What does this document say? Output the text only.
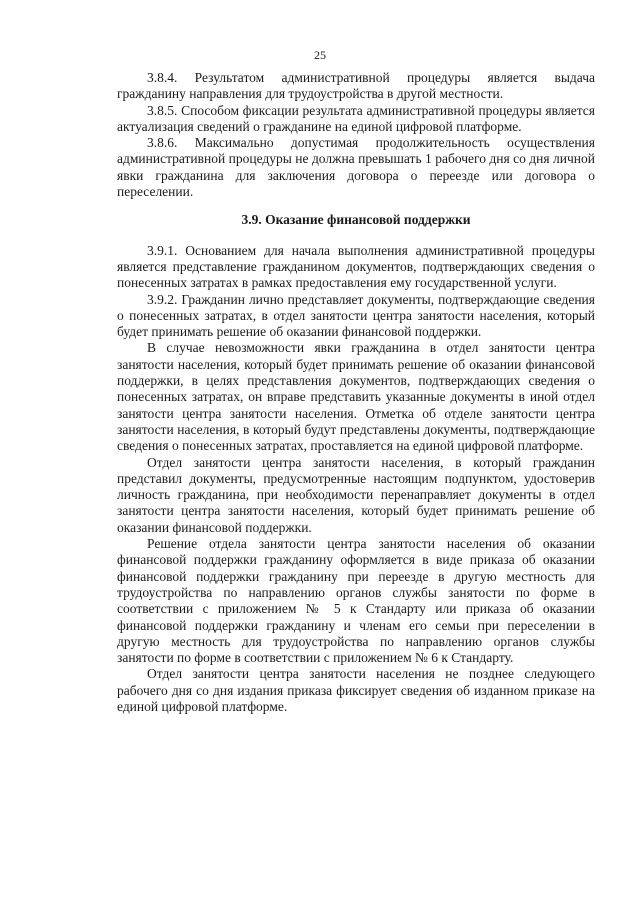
25

3.8.4. Результатом административной процедуры является выдача гражданину направления для трудоустройства в другой местности.

3.8.5. Способом фиксации результата административной процедуры является актуализация сведений о гражданине на единой цифровой платформе.

3.8.6. Максимально допустимая продолжительность осуществления административной процедуры не должна превышать 1 рабочего дня со дня личной явки гражданина для заключения договора о переезде или договора о переселении.

3.9. Оказание финансовой поддержки

3.9.1. Основанием для начала выполнения административной процедуры является представление гражданином документов, подтверждающих сведения о понесенных затратах в рамках предоставления ему государственной услуги.

3.9.2. Гражданин лично представляет документы, подтверждающие сведения о понесенных затратах, в отдел занятости центра занятости населения, который будет принимать решение об оказании финансовой поддержки.

В случае невозможности явки гражданина в отдел занятости центра занятости населения, который будет принимать решение об оказании финансовой поддержки, в целях представления документов, подтверждающих сведения о понесенных затратах, он вправе представить указанные документы в иной отдел занятости центра занятости населения. Отметка об отделе занятости центра занятости населения, в который будут представлены документы, подтверждающие сведения о понесенных затратах, проставляется на единой цифровой платформе.

Отдел занятости центра занятости населения, в который гражданин представил документы, предусмотренные настоящим подпунктом, удостоверив личность гражданина, при необходимости перенаправляет документы в отдел занятости центра занятости населения, который будет принимать решение об оказании финансовой поддержки.

Решение отдела занятости центра занятости населения об оказании финансовой поддержки гражданину оформляется в виде приказа об оказании финансовой поддержки гражданину при переезде в другую местность для трудоустройства по направлению органов службы занятости по форме в соответствии с приложением № 5 к Стандарту или приказа об оказании финансовой поддержки гражданину и членам его семьи при переселении в другую местность для трудоустройства по направлению органов службы занятости по форме в соответствии с приложением № 6 к Стандарту.

Отдел занятости центра занятости населения не позднее следующего рабочего дня со дня издания приказа фиксирует сведения об изданном приказе на единой цифровой платформе.
